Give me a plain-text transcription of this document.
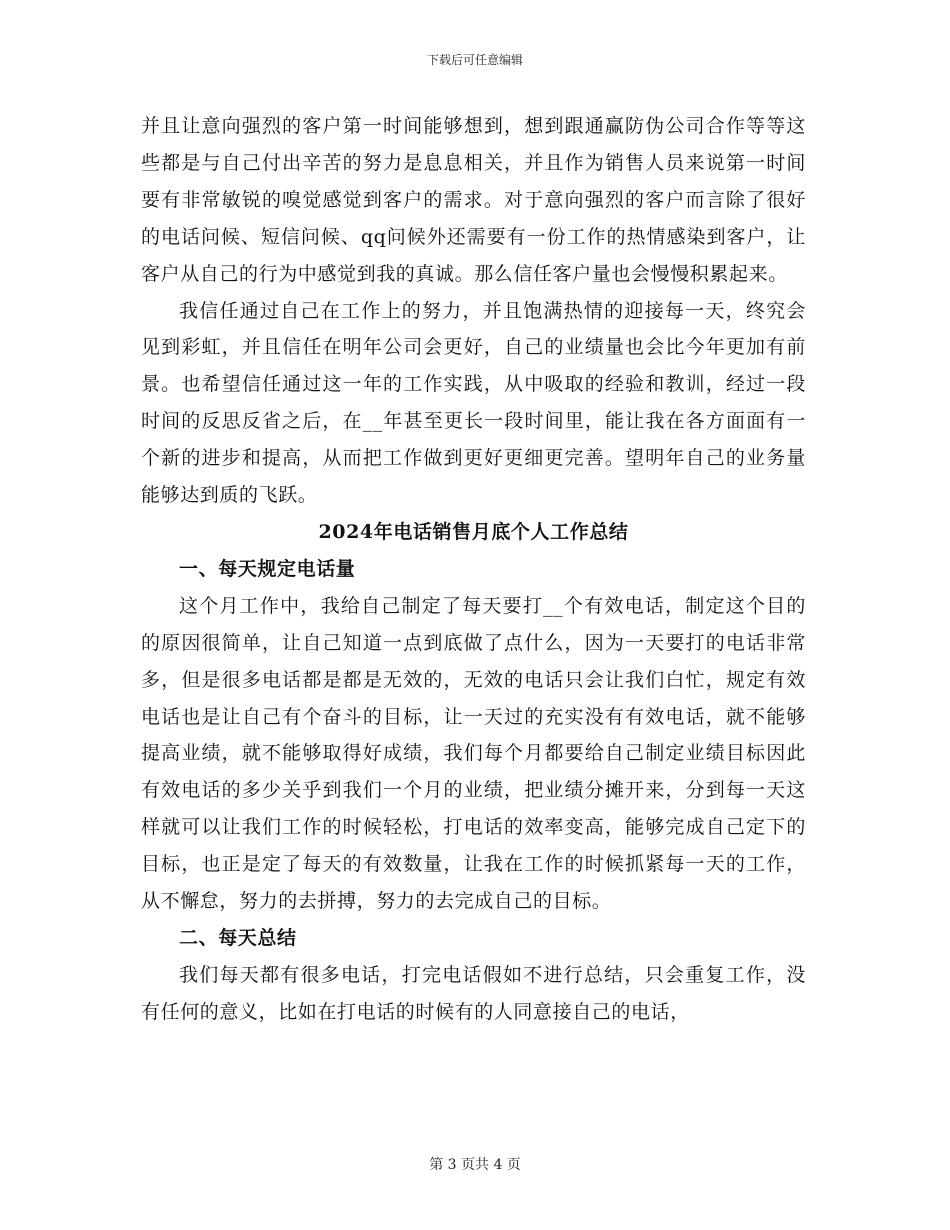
下载后可任意编辑

并且让意向强烈的客户第一时间能够想到，想到跟通赢防伪公司合作等等这些都是与自己付出辛苦的努力是息息相关，并且作为销售人员来说第一时间要有非常敏锐的嗅觉感觉到客户的需求。对于意向强烈的客户而言除了很好的电话问候、短信问候、qq问候外还需要有一份工作的热情感染到客户，让客户从自己的行为中感觉到我的真诚。那么信任客户量也会慢慢积累起来。

我信任通过自己在工作上的努力，并且饱满热情的迎接每一天，终究会见到彩虹，并且信任在明年公司会更好，自己的业绩量也会比今年更加有前景。也希望信任通过这一年的工作实践，从中吸取的经验和教训，经过一段时间的反思反省之后，在__年甚至更长一段时间里，能让我在各方面面有一个新的进步和提高，从而把工作做到更好更细更完善。望明年自己的业务量能够达到质的飞跃。

2024年电话销售月底个人工作总结

一、每天规定电话量

这个月工作中，我给自己制定了每天要打__个有效电话，制定这个目的的原因很简单，让自己知道一点到底做了点什么，因为一天要打的电话非常多，但是很多电话都是都是无效的，无效的电话只会让我们白忙，规定有效电话也是让自己有个奋斗的目标，让一天过的充实没有有效电话，就不能够提高业绩，就不能够取得好成绩，我们每个月都要给自己制定业绩目标因此有效电话的多少关乎到我们一个月的业绩，把业绩分摊开来，分到每一天这样就可以让我们工作的时候轻松，打电话的效率变高，能够完成自己定下的目标，也正是定了每天的有效数量，让我在工作的时候抓紧每一天的工作，从不懈怠，努力的去拼搏，努力的去完成自己的目标。

二、每天总结

我们每天都有很多电话，打完电话假如不进行总结，只会重复工作，没有任何的意义，比如在打电话的时候有的人同意接自己的电话，

第 3 页共 4 页
